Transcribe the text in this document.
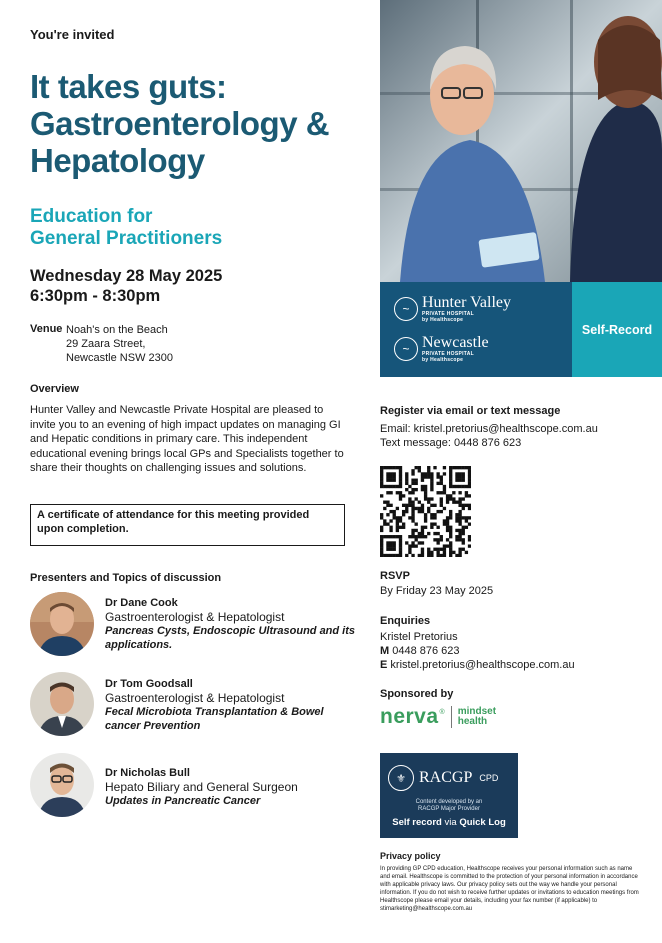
You're invited
It takes guts: Gastroenterology & Hepatology
Education for
General Practitioners
Wednesday 28 May 2025
6:30pm - 8:30pm
Venue Noah's on the Beach
29 Zaara Street,
Newcastle NSW 2300
Overview
Hunter Valley and Newcastle Private Hospital are pleased to invite you to an evening of high impact updates on managing GI and Hepatic conditions in primary care. This independent educational evening brings local GPs and Specialists together to share their thoughts on challenging issues and solutions.
A certificate of attendance for this meeting provided upon completion.
Presenters and Topics of discussion
Dr Dane Cook
Gastroenterologist & Hepatologist
Pancreas Cysts, Endoscopic Ultrasound and its applications.
Dr Tom Goodsall
Gastroenterologist & Hepatologist
Fecal Microbiota Transplantation & Bowel cancer Prevention
Dr Nicholas Bull
Hepato Biliary and General Surgeon
Updates in Pancreatic Cancer
~ Hunter Valley
PRIVATE HOSPITAL
by Healthscope
~ Newcastle
PRIVATE HOSPITAL
by Healthscope
Self-Record
Register via email or text message
Email: kristel.pretorius@healthscope.com.au
Text message: 0448 876 623
RSVP
By Friday 23 May 2025
Enquiries
Kristel Pretorius
M 0448 876 623
E kristel.pretorius@healthscope.com.au
Sponsored by
nerva ® mindset
health
⚜ RACGP CPD
Content developed by an
RACGP Major Provider
Self record via Quick Log
Privacy policy
In providing GP CPD education, Healthscope receives your personal information such as name and email. Healthscope is committed to the protection of your personal information in accordance with applicable privacy laws. Our privacy policy sets out the way we handle your personal information. If you do not wish to receive further updates or invitations to education meetings from Healthscope please email your details, including your fax number (if applicable) to stimarketing@healthscope.com.au
